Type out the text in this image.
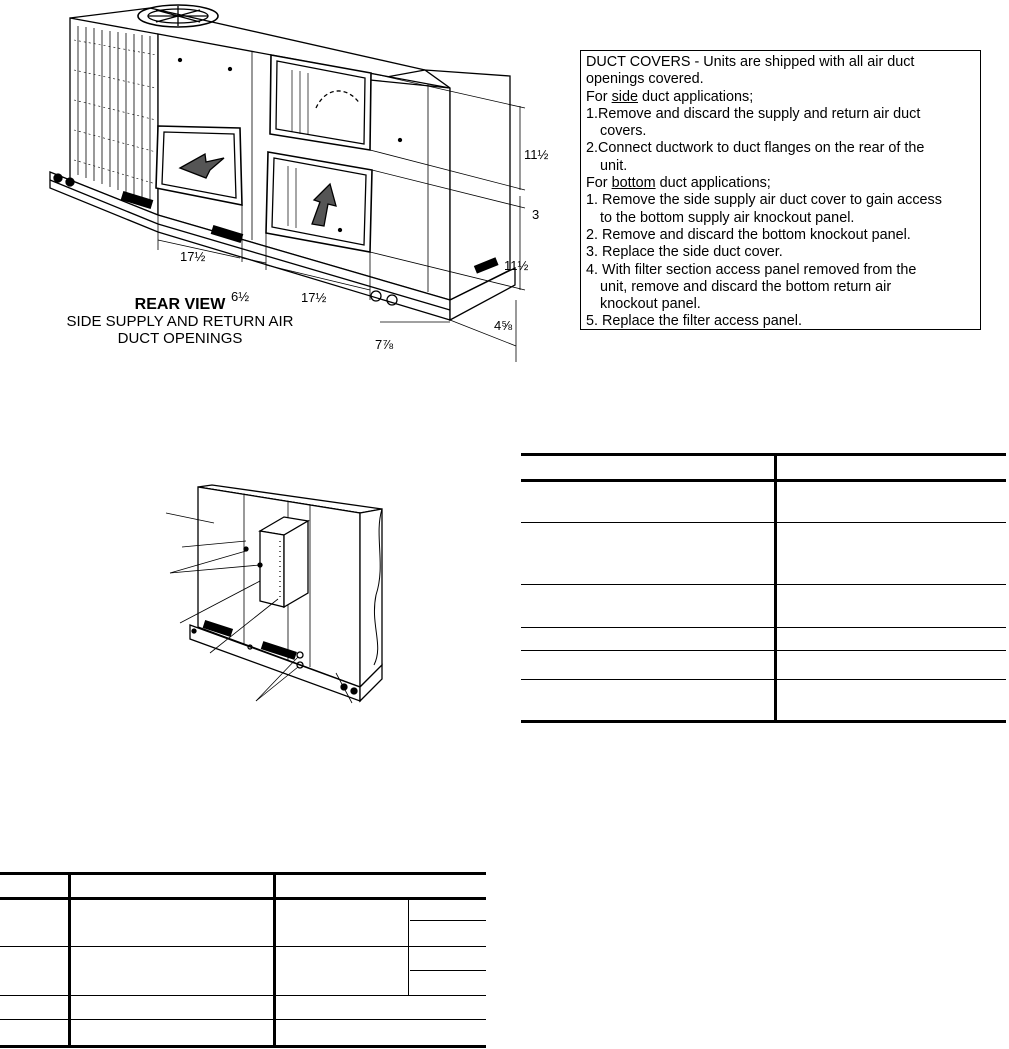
11½
3
11½
17½
6½	17½
7⅞
4⅝
REAR VIEW
SIDE SUPPLY AND RETURN AIR
DUCT OPENINGS
DUCT COVERS - Units are shipped with all air duct
openings covered.
For side duct applications;
1.Remove and discard the supply and return air duct
covers.
2.Connect ductwork to duct flanges on the rear of the
unit.
For bottom duct applications;
1. Remove the side supply air duct cover to gain access
to the bottom supply air knockout panel.
2. Remove and discard the bottom knockout panel.
3. Replace the side duct cover.
4. With filter section access panel removed from the
unit, remove and discard the bottom return air
knockout panel.
5. Replace the filter access panel.
